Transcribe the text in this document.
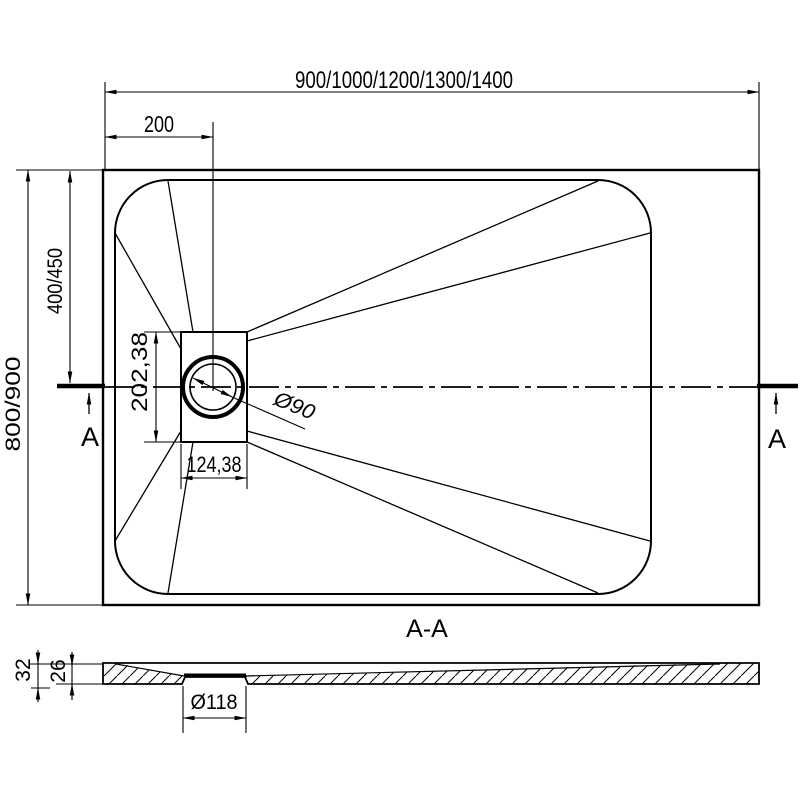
900/1000/1200/1300/1400
200
800/900
400/450
202,38
124,38
Ø90
A	A
A-A
32 26
Ø118
